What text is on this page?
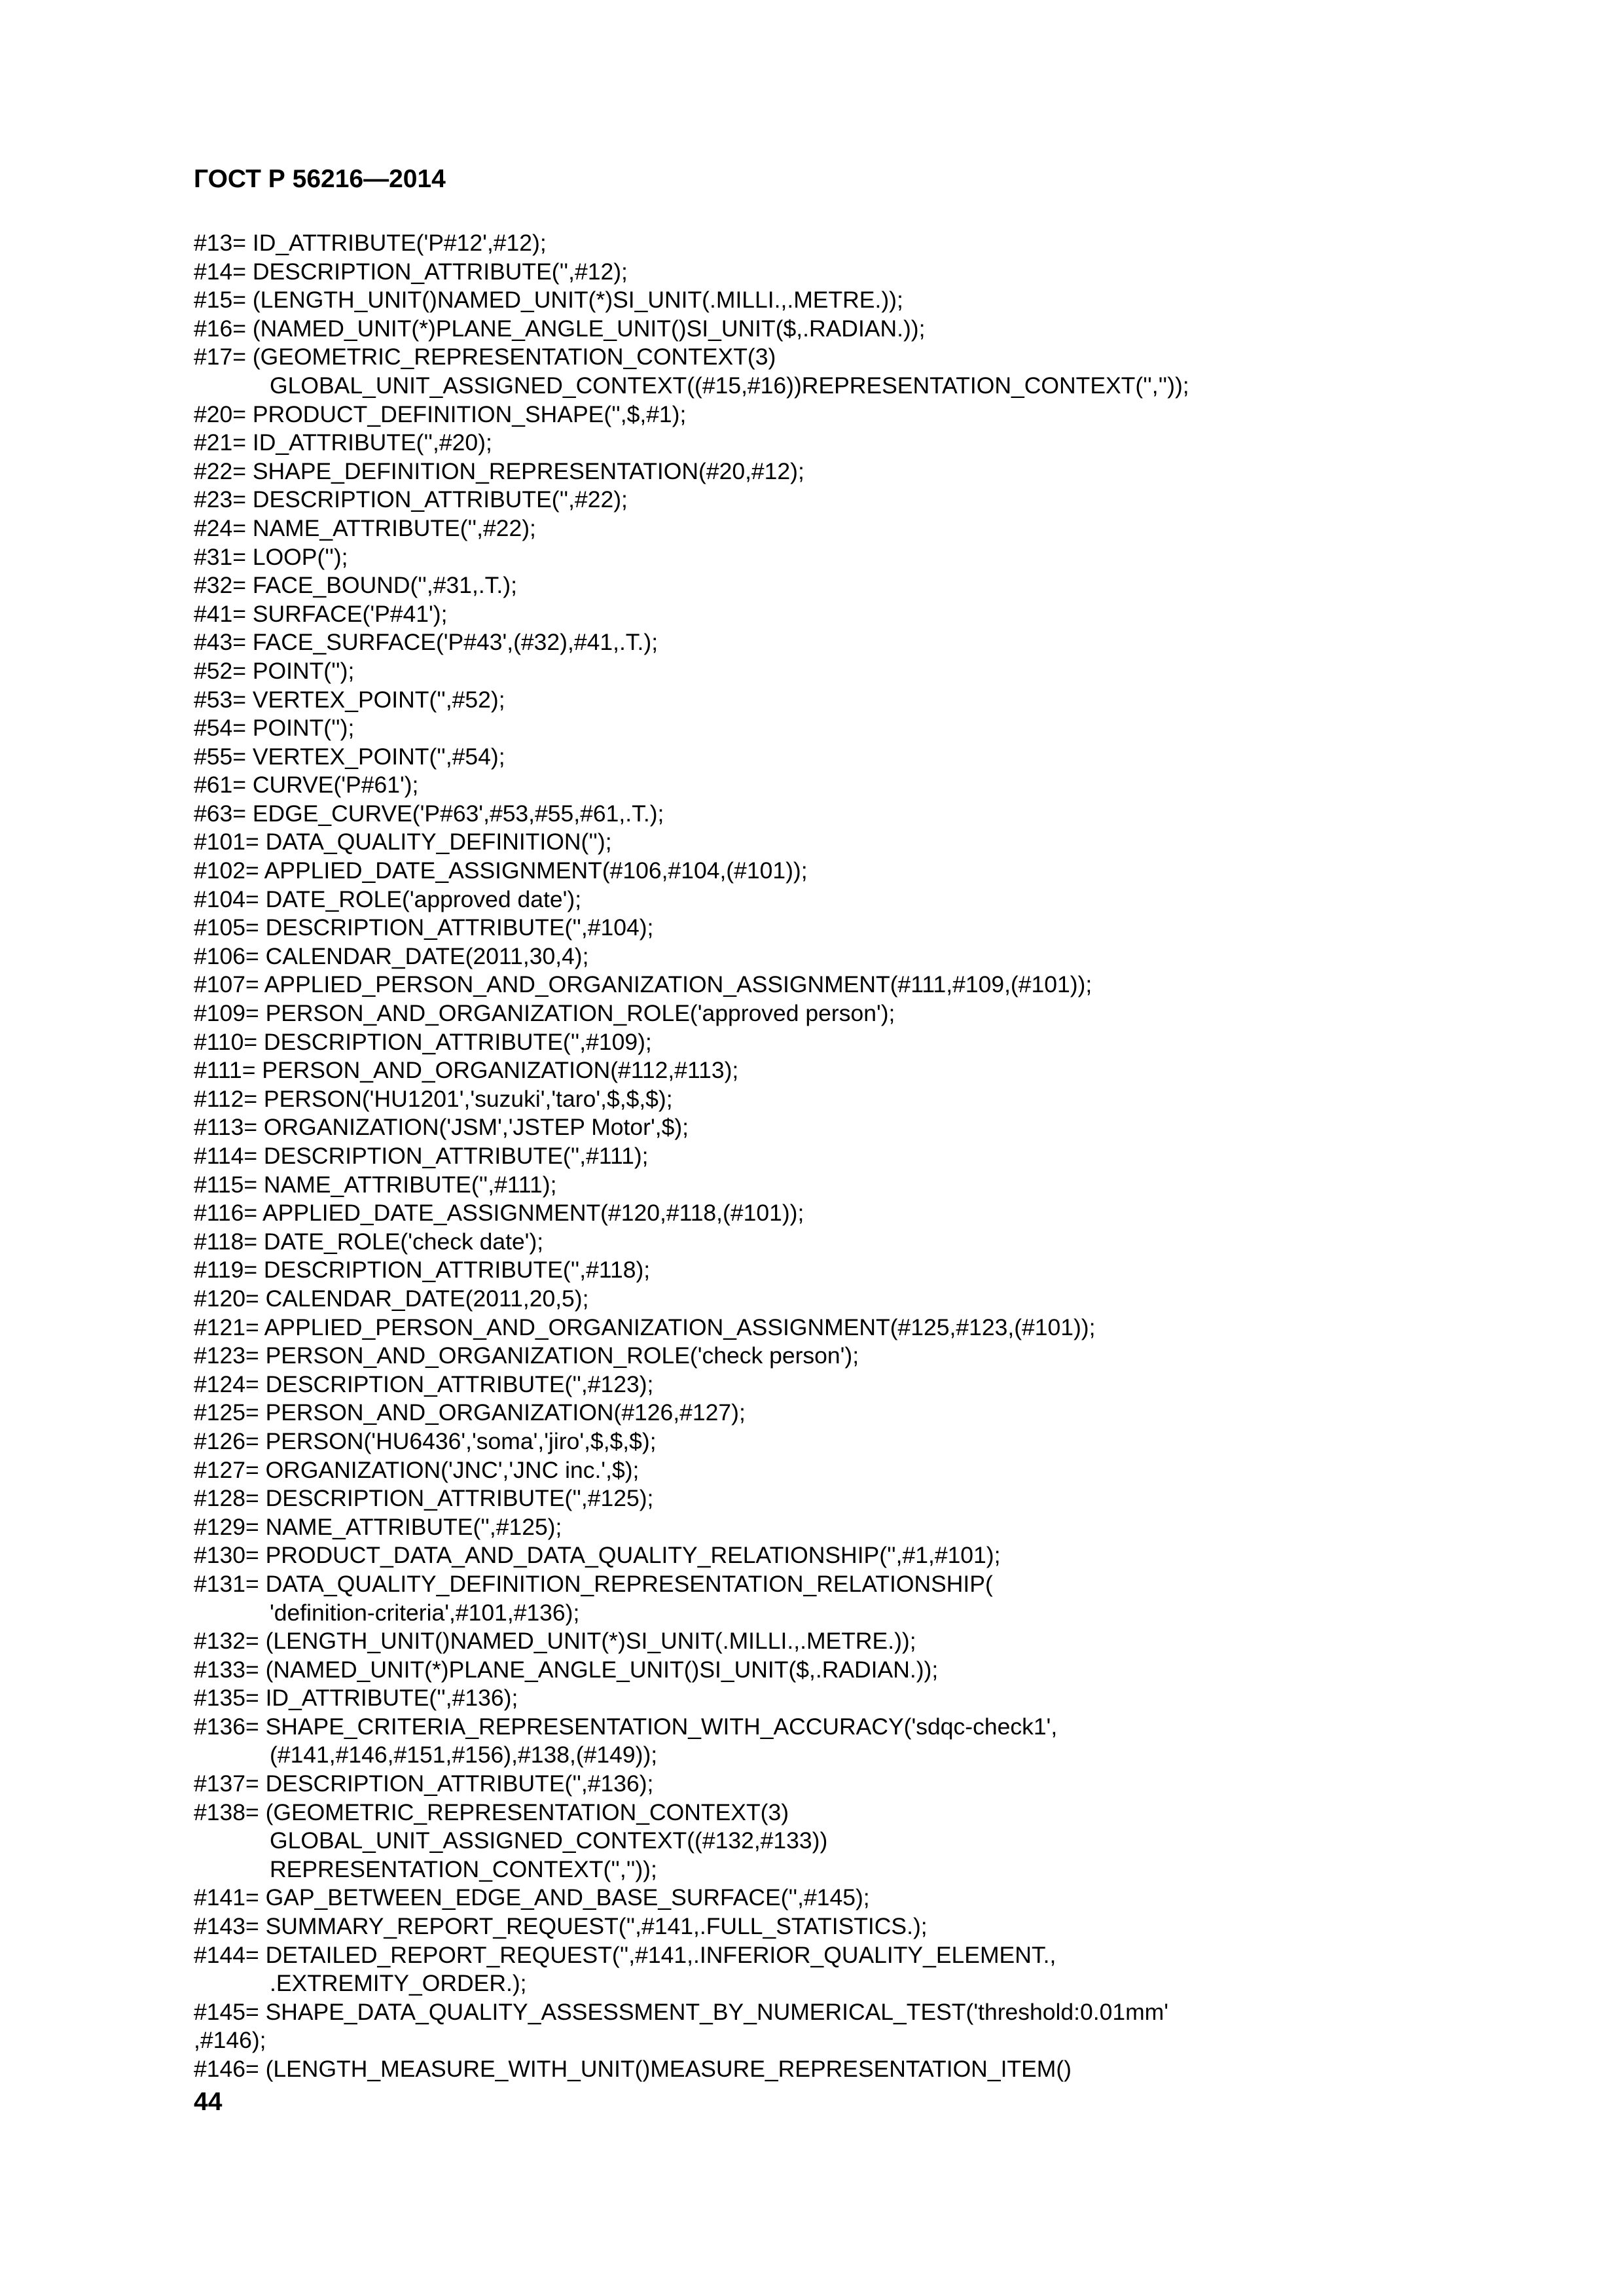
ГОСТ Р 56216—2014
#13= ID_ATTRIBUTE('P#12',#12);
#14= DESCRIPTION_ATTRIBUTE('',#12);
#15= (LENGTH_UNIT()NAMED_UNIT(*)SI_UNIT(.MILLI.,.METRE.));
#16= (NAMED_UNIT(*)PLANE_ANGLE_UNIT()SI_UNIT($,.RADIAN.));
#17= (GEOMETRIC_REPRESENTATION_CONTEXT(3)
GLOBAL_UNIT_ASSIGNED_CONTEXT((#15,#16))REPRESENTATION_CONTEXT('',''));
#20= PRODUCT_DEFINITION_SHAPE('',$,#1);
#21= ID_ATTRIBUTE('',#20);
#22= SHAPE_DEFINITION_REPRESENTATION(#20,#12);
#23= DESCRIPTION_ATTRIBUTE('',#22);
#24= NAME_ATTRIBUTE('',#22);
#31= LOOP('');
#32= FACE_BOUND('',#31,.T.);
#41= SURFACE('P#41');
#43= FACE_SURFACE('P#43',(#32),#41,.T.);
#52= POINT('');
#53= VERTEX_POINT('',#52);
#54= POINT('');
#55= VERTEX_POINT('',#54);
#61= CURVE('P#61');
#63= EDGE_CURVE('P#63',#53,#55,#61,.T.);
#101= DATA_QUALITY_DEFINITION('');
#102= APPLIED_DATE_ASSIGNMENT(#106,#104,(#101));
#104= DATE_ROLE('approved date');
#105= DESCRIPTION_ATTRIBUTE('',#104);
#106= CALENDAR_DATE(2011,30,4);
#107= APPLIED_PERSON_AND_ORGANIZATION_ASSIGNMENT(#111,#109,(#101));
#109= PERSON_AND_ORGANIZATION_ROLE('approved person');
#110= DESCRIPTION_ATTRIBUTE('',#109);
#111= PERSON_AND_ORGANIZATION(#112,#113);
#112= PERSON('HU1201','suzuki','taro',$,$,$);
#113= ORGANIZATION('JSM','JSTEP Motor',$);
#114= DESCRIPTION_ATTRIBUTE('',#111);
#115= NAME_ATTRIBUTE('',#111);
#116= APPLIED_DATE_ASSIGNMENT(#120,#118,(#101));
#118= DATE_ROLE('check date');
#119= DESCRIPTION_ATTRIBUTE('',#118);
#120= CALENDAR_DATE(2011,20,5);
#121= APPLIED_PERSON_AND_ORGANIZATION_ASSIGNMENT(#125,#123,(#101));
#123= PERSON_AND_ORGANIZATION_ROLE('check person');
#124= DESCRIPTION_ATTRIBUTE('',#123);
#125= PERSON_AND_ORGANIZATION(#126,#127);
#126= PERSON('HU6436','soma','jiro',$,$,$);
#127= ORGANIZATION('JNC','JNC inc.',$);
#128= DESCRIPTION_ATTRIBUTE('',#125);
#129= NAME_ATTRIBUTE('',#125);
#130= PRODUCT_DATA_AND_DATA_QUALITY_RELATIONSHIP('',#1,#101);
#131= DATA_QUALITY_DEFINITION_REPRESENTATION_RELATIONSHIP(
'definition-criteria',#101,#136);
#132= (LENGTH_UNIT()NAMED_UNIT(*)SI_UNIT(.MILLI.,.METRE.));
#133= (NAMED_UNIT(*)PLANE_ANGLE_UNIT()SI_UNIT($,.RADIAN.));
#135= ID_ATTRIBUTE('',#136);
#136= SHAPE_CRITERIA_REPRESENTATION_WITH_ACCURACY('sdqc-check1',
(#141,#146,#151,#156),#138,(#149));
#137= DESCRIPTION_ATTRIBUTE('',#136);
#138= (GEOMETRIC_REPRESENTATION_CONTEXT(3)
GLOBAL_UNIT_ASSIGNED_CONTEXT((#132,#133))
REPRESENTATION_CONTEXT('',''));
#141= GAP_BETWEEN_EDGE_AND_BASE_SURFACE('',#145);
#143= SUMMARY_REPORT_REQUEST('',#141,.FULL_STATISTICS.);
#144= DETAILED_REPORT_REQUEST('',#141,.INFERIOR_QUALITY_ELEMENT.,
.EXTREMITY_ORDER.);
#145= SHAPE_DATA_QUALITY_ASSESSMENT_BY_NUMERICAL_TEST('threshold:0.01mm'
,#146);
#146= (LENGTH_MEASURE_WITH_UNIT()MEASURE_REPRESENTATION_ITEM()
44
